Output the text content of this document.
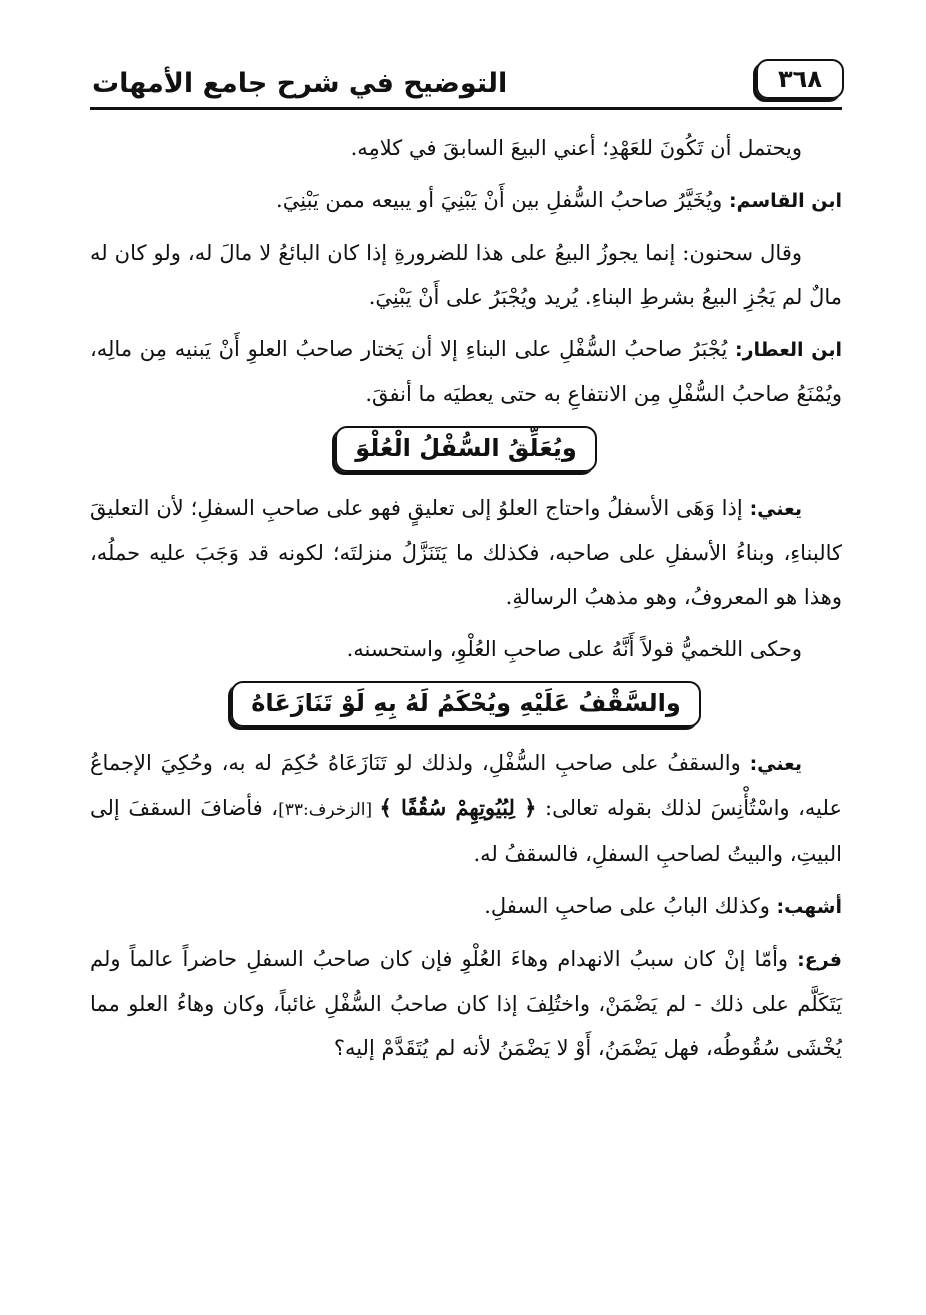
٣٦٨
التوضيح في شرح جامع الأمهات

ويحتمل أن تَكُونَ للعَهْدِ؛ أعني البيعَ السابقَ في كلامِه.

ابن القاسم: ويُخَيَّرُ صاحبُ السُّفلِ بين أَنْ يَبْنِيَ أو يبيعه ممن يَبْنِيَ.

وقال سحنون: إنما يجوزُ البيعُ على هذا للضرورةِ إذا كان البائعُ لا مالَ له، ولو كان له مالٌ لم يَجُزِ البيعُ بشرطِ البناءِ. يُريد ويُجْبَرُ على أَنْ يَبْنِيَ.

ابن العطار: يُجْبَرُ صاحبُ السُّفْلِ على البناءِ إلا أن يَختار صاحبُ العلوِ أَنْ يَبنيه مِن مالِه، ويُمْنَعُ صاحبُ السُّفْلِ مِن الانتفاعِ به حتى يعطيَه ما أنفقَ.

ويُعَلِّقُ السُّفْلُ الْعُلْوَ

يعني: إذا وَهَى الأسفلُ واحتاج العلوُ إلى تعليقٍ فهو على صاحبِ السفلِ؛ لأن التعليقَ كالبناءِ، وبناءُ الأسفلِ على صاحبه، فكذلك ما يَتَنَزَّلُ منزلتَه؛ لكونه قد وَجَبَ عليه حملُه، وهذا هو المعروفُ، وهو مذهبُ الرسالةِ.

وحكى اللخميُّ قولاً أَنَّهُ على صاحبِ العُلْوِ، واستحسنه.

والسَّقْفُ عَلَيْهِ ويُحْكَمُ لَهُ بِهِ لَوْ تَنَازَعَاهُ

يعني: والسقفُ على صاحبِ السُّفْلِ، ولذلك لو تَنَازَعَاهُ حُكِمَ له به، وحُكِيَ الإجماعُ عليه، واسْتُأْنِسَ لذلك بقوله تعالى: ﴿ لِبُيُوتِهِمْ سُقُفًا ﴾ [الزخرف:٣٣]، فأضافَ السقفَ إلى البيتِ، والبيتُ لصاحبِ السفلِ، فالسقفُ له.

أشهب: وكذلك البابُ على صاحبِ السفلِ.

فرع: وأمّا إنْ كان سببُ الانهدام وهاءَ العُلْوِ فإن كان صاحبُ السفلِ حاضراً عالماً ولم يَتَكَلَّم على ذلك - لم يَضْمَنْ، واختُلِفَ إذا كان صاحبُ السُّفْلِ غائباً، وكان وهاءُ العلو مما يُخْشَى سُقُوطُه، فهل يَضْمَنُ، أَوْ لا يَضْمَنُ لأنه لم يُتَقَدَّمْ إليه؟
